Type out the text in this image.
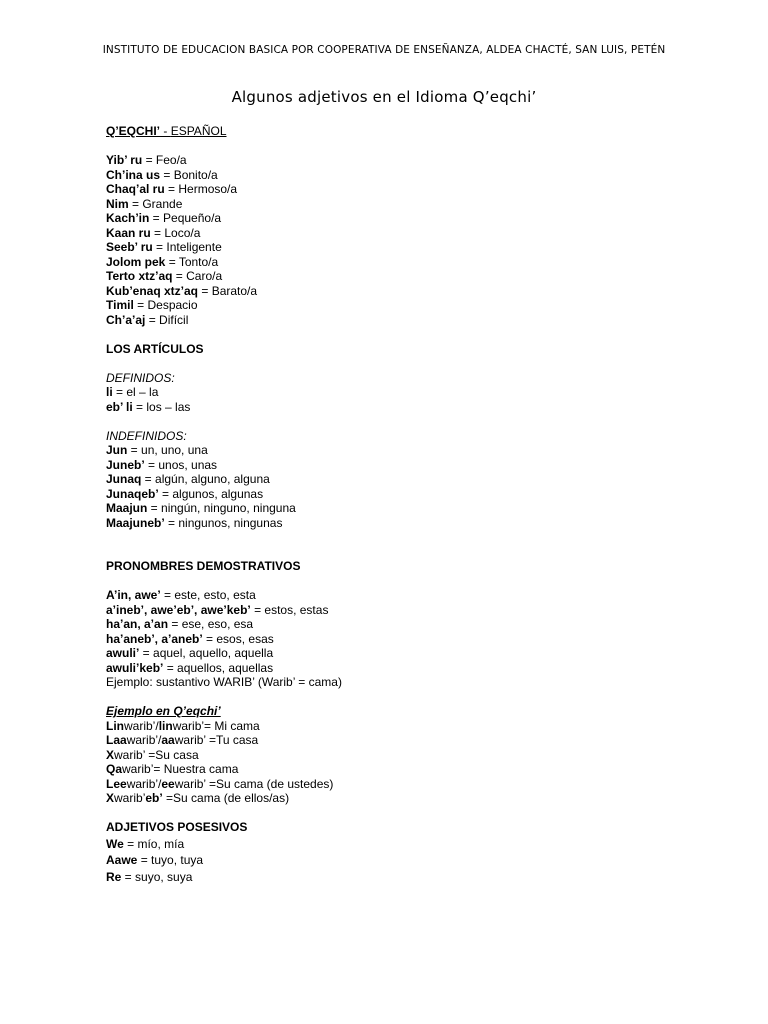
INSTITUTO DE EDUCACION BASICA POR COOPERATIVA DE ENSEÑANZA, ALDEA CHACTÉ, SAN LUIS, PETÉN
Algunos adjetivos en el Idioma Q’eqchi’
Q’EQCHI’ - ESPAÑOL
Yib’ ru = Feo/a
Ch’ina us = Bonito/a
Chaq’al ru = Hermoso/a
Nim = Grande
Kach’in = Pequeño/a
Kaan ru = Loco/a
Seeb’ ru = Inteligente
Jolom pek = Tonto/a
Terto xtz’aq = Caro/a
Kub’enaq xtz’aq = Barato/a
Timil = Despacio
Ch’a’aj = Difícil
LOS ARTÍCULOS
DEFINIDOS:
li = el – la
eb’ li = los – las
INDEFINIDOS:
Jun = un, uno, una
Juneb’ = unos, unas
Junaq = algún, alguno, alguna
Junaqeb’ = algunos, algunas
Maajun = ningún, ninguno, ninguna
Maajuneb’ = ningunos, ningunas
PRONOMBRES DEMOSTRATIVOS
A’in, awe’ = este, esto, esta
a’ineb’, awe’eb’, awe’keb’ = estos, estas
ha’an, a’an = ese, eso, esa
ha’aneb’, a’aneb’ = esos, esas
awuli’ = aquel, aquello, aquella
awuli’keb’ = aquellos, aquellas
Ejemplo: sustantivo WARIB’ (Warib’ = cama)
Ejemplo en Q’eqchi’
Linwarib’/linwarib’= Mi cama
Laawarib’/aawarib’ =Tu casa
Xwarib’ =Su casa
Qawarib’= Nuestra cama
Leewarib’/eewarib’ =Su cama (de ustedes)
Xwarib’eb’ =Su cama (de ellos/as)
ADJETIVOS POSESIVOS
We = mío, mía
Aawe = tuyo, tuya
Re = suyo, suya
